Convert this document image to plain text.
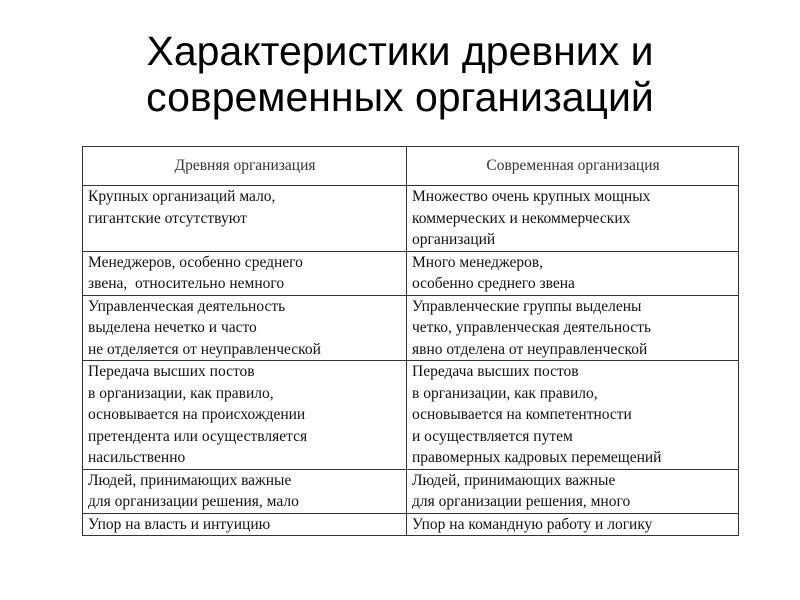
Характеристики древних и
современных организаций
Древняя организация	Современная организация

Крупных организаций мало,
гигантские отсутствуют	Множество очень крупных мощных
коммерческих и некоммерческих
организаций

Менеджеров, особенно среднего
звена,  относительно немного	Много менеджеров,
особенно среднего звена

Управленческая деятельность
выделена нечетко и часто
не отделяется от неуправленческой	Управленческие группы выделены
четко, управленческая деятельность
явно отделена от неуправленческой

Передача высших постов
в организации, как правило,
основывается на происхождении
претендента или осуществляется
насильственно	Передача высших постов
в организации, как правило,
основывается на компетентности
и осуществляется путем
правомерных кадровых перемещений

Людей, принимающих важные
для организации решения, мало	Людей, принимающих важные
для организации решения, много

Упор на власть и интуицию	Упор на командную работу и логику
